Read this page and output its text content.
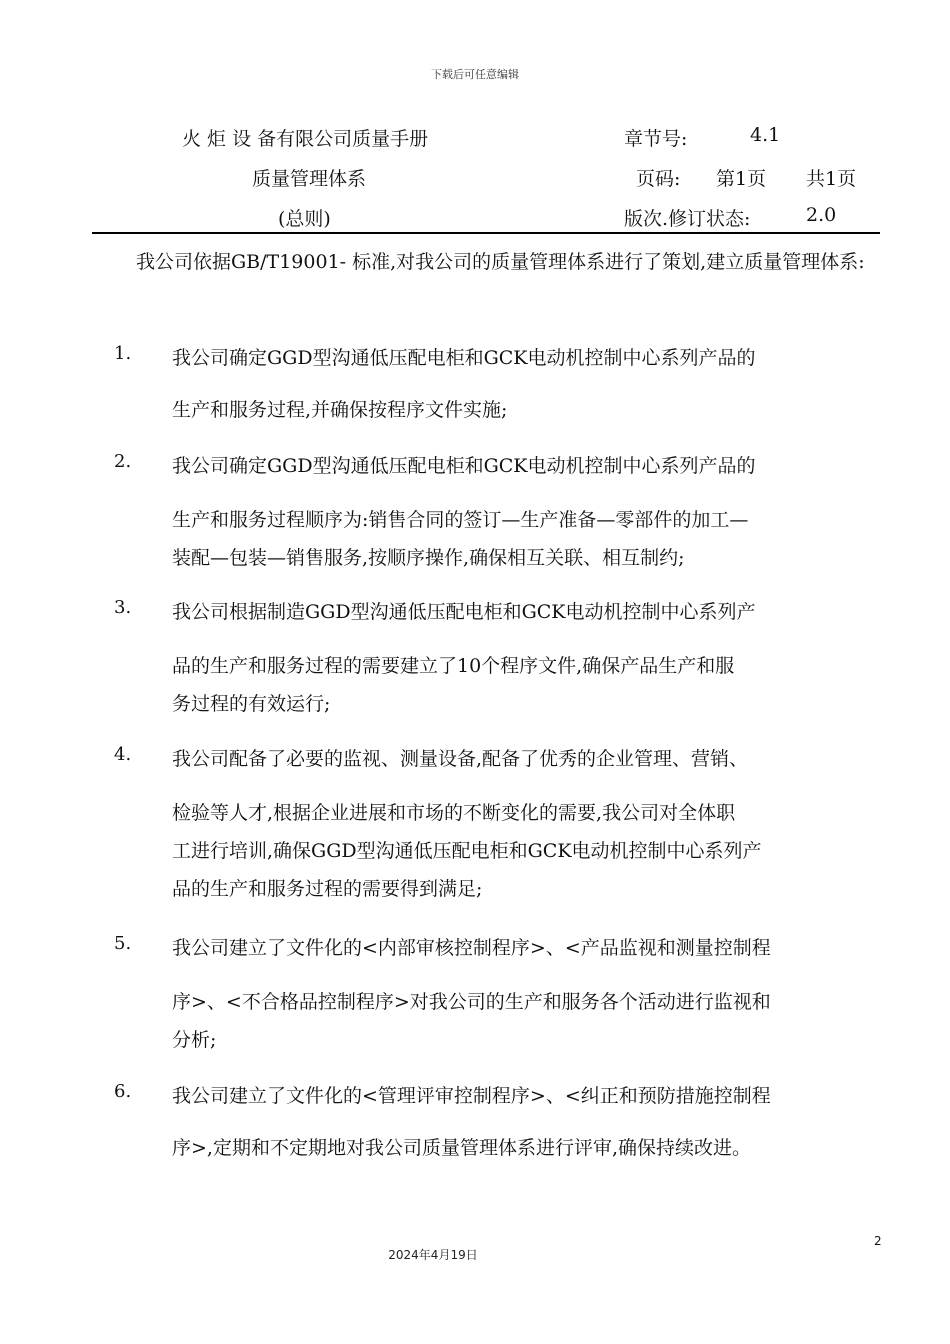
下载后可任意编辑
火 炬 设 备有限公司质量手册	章节号:	4.1
质量管理体系	页码: 第1页 共1页
(总则)	版次.修订状态:	2.0
我公司依据GB/T19001- 标准,对我公司的质量管理体系进行了策划,建立质量管理体系:
1. 我公司确定GGD型沟通低压配电柜和GCK电动机控制中心系列产品的
生产和服务过程,并确保按程序文件实施;
2. 我公司确定GGD型沟通低压配电柜和GCK电动机控制中心系列产品的
生产和服务过程顺序为:销售合同的签订—生产准备—零部件的加工—
装配—包装—销售服务,按顺序操作,确保相互关联、相互制约;
3. 我公司根据制造GGD型沟通低压配电柜和GCK电动机控制中心系列产
品的生产和服务过程的需要建立了10个程序文件,确保产品生产和服
务过程的有效运行;
4. 我公司配备了必要的监视、测量设备,配备了优秀的企业管理、营销、
检验等人才,根据企业进展和市场的不断变化的需要,我公司对全体职
工进行培训,确保GGD型沟通低压配电柜和GCK电动机控制中心系列产
品的生产和服务过程的需要得到满足;
5. 我公司建立了文件化的<内部审核控制程序>、<产品监视和测量控制程
序>、<不合格品控制程序>对我公司的生产和服务各个活动进行监视和
分析;
6. 我公司建立了文件化的<管理评审控制程序>、<纠正和预防措施控制程
序>,定期和不定期地对我公司质量管理体系进行评审,确保持续改进。
2
2024年4月19日
